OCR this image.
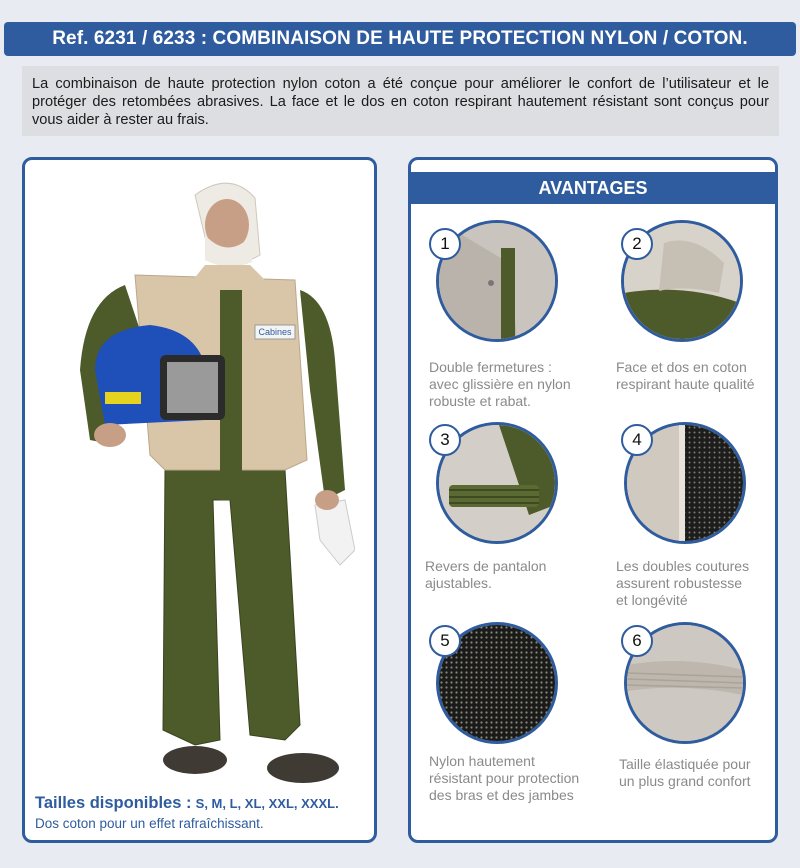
Ref. 6231 / 6233 : COMBINAISON DE HAUTE PROTECTION NYLON / COTON.
La combinaison de haute protection nylon coton a été conçue pour améliorer le confort de l’utilisateur et le protéger des retombées abrasives. La face et le dos en coton respirant hautement résistant sont conçus pour vous aider à rester au frais.
Cabines
Tailles disponibles : S, M, L, XL, XXL, XXXL.
Dos coton pour un effet rafraîchissant.
AVANTAGES
1
Double fermetures :
avec glissière en nylon
robuste et rabat.
2
Face et dos en coton
respirant haute qualité
3
Revers de pantalon
ajustables.
4
Les doubles coutures
assurent robustesse
et longévité
5
Nylon hautement
résistant pour protection
des bras et des jambes
6
Taille élastiquée pour
un plus grand confort
